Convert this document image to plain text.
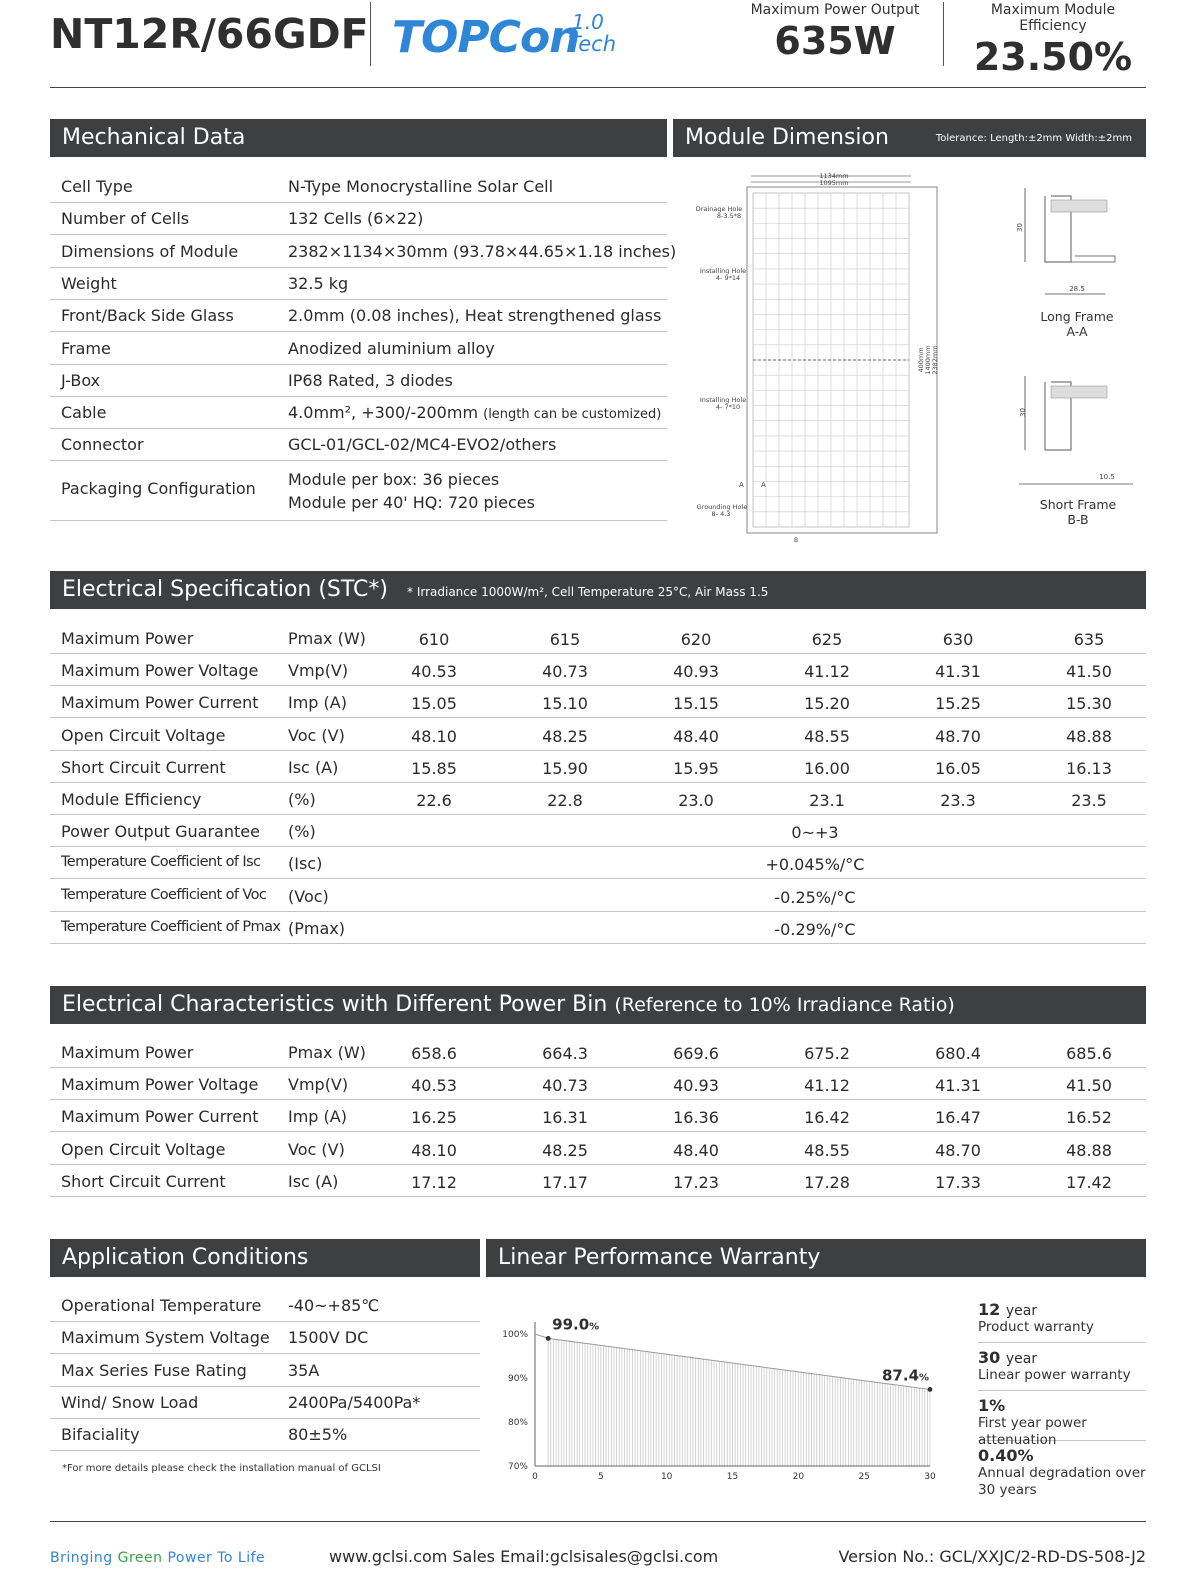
NT12R/66GDF TOPCon
1.0
Tech
Maximum Power Output
635W
Maximum Module Efficiency
23.50%
Mechanical Data
Cell Type	N-Type Monocrystalline Solar Cell
Number of Cells	132 Cells (6×22)
Dimensions of Module	2382×1134×30mm (93.78×44.65×1.18 inches)
Weight	32.5 kg
Front/Back Side Glass	2.0mm (0.08 inches), Heat strengthened glass
Frame	Anodized aluminium alloy
J-Box	IP68 Rated, 3 diodes
Cable	4.0mm², +300/-200mm (length can be customized)
Connector	GCL-01/GCL-02/MC4-EVO2/others
Packaging Configuration Module per box: 36 pieces
Module per 40' HQ: 720 pieces
Module Dimension	Tolerance: Length:±2mm Width:±2mm
1134mm
1095mm
Drainage Hole
8-3.5*8
Installing Hole
4- 9*14
Installing Hole
4- 7*10
Grounding Hole
8- 4.3
A A
B
400mm 1400mm 2382mm
30
28.5
Long Frame
A-A
30
10.5
Short Frame
B-B
Electrical Specification (STC*) * Irradiance 1000W/m², Cell Temperature 25°C, Air Mass 1.5
Maximum Power	Pmax (W)	610	615	620	625	630	635
Maximum Power Voltage Vmp(V)	40.53	40.73	40.93	41.12	41.31	41.50
Maximum Power Current Imp (A)	15.05	15.10	15.15	15.20	15.25	15.30
Open Circuit Voltage	Voc (V)	48.10	48.25	48.40	48.55	48.70	48.88
Short Circuit Current	Isc (A)	15.85	15.90	15.95	16.00	16.05	16.13
Module Efficiency	(%)	22.6	22.8	23.0	23.1	23.3	23.5
Power Output Guarantee (%)	0~+3
Temperature Coefficient of Isc (Isc)	+0.045%/°C
Temperature Coefficient of Voc (Voc)	-0.25%/°C
Temperature Coefficient of Pmax (Pmax)	-0.29%/°C
Electrical Characteristics with Different Power Bin (Reference to 10% Irradiance Ratio)
Maximum Power	Pmax (W)	658.6	664.3	669.6	675.2	680.4	685.6
Maximum Power Voltage Vmp(V)	40.53	40.73	40.93	41.12	41.31	41.50
Maximum Power Current Imp (A)	16.25	16.31	16.36	16.42	16.47	16.52
Open Circuit Voltage	Voc (V)	48.10	48.25	48.40	48.55	48.70	48.88
Short Circuit Current	Isc (A)	17.12	17.17	17.23	17.28	17.33	17.42
Application Conditions
Operational Temperature -40~+85℃
Maximum System Voltage 1500V DC
Max Series Fuse Rating	35A
Wind/ Snow Load	2400Pa/5400Pa*
Bifaciality	80±5%
*For more details please check the installation manual of GCLSI
Linear Performance Warranty
100%
90%
80%
70%
0	5	10	15	20	25	30
99.0%
87.4%
12 year
Product warranty
30 year
Linear power warranty
1%
First year power attenuation
0.40%
Annual degradation over 30 years
Bringing Green Power To Life	www.gclsi.com Sales Email:gclsisales@gclsi.com	Version No.: GCL/XXJC/2-RD-DS-508-J2
